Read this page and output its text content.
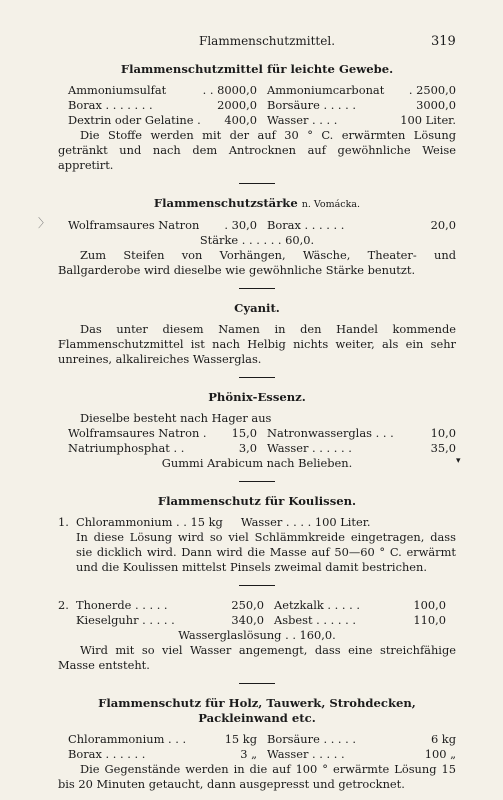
Flammenschutzmittel.	319
〉
▾
Flammenschutzmittel für leichte Gewebe.
Ammoniumsulfat	. . 8000,0 Ammoniumcarbonat . 2500,0
Borax . . . . . . .	2000,0 Borsäure . . . . .	3000,0
Dextrin oder Gelatine . 400,0 Wasser . . . .	100 Liter.

Die Stoffe werden mit der auf 30 ° C. erwärmten Lösung getränkt und nach dem Antrocknen auf gewöhnliche Weise appretirt.

Flammenschutzstärke n. Vomácka.
Wolframsaures Natron . 30,0 Borax . . . . . .	20,0
Stärke . . . . . . 60,0.

Zum Steifen von Vorhängen, Wäsche, Theater- und Ballgarderobe wird dieselbe wie gewöhnliche Stärke benutzt.

Cyanit.

Das unter diesem Namen in den Handel kommende Flammenschutzmittel ist nach Helbig nichts weiter, als ein sehr unreines, alkalireiches Wasserglas.

Phönix-Essenz.

Dieselbe besteht nach Hager aus

Wolframsaures Natron . 15,0 Natronwasserglas . . .	10,0
Natriumphosphat . .	3,0 Wasser . . . . . .	35,0
Gummi Arabicum nach Belieben.
Flammenschutz für Koulissen.
1. Chlorammonium . . 15 kg     Wasser . . . . 100 Liter.

In diese Lösung wird so viel Schlämmkreide eingetragen, dass sie dicklich wird. Dann wird die Masse auf 50—60 ° C. erwärmt und die Koulissen mittelst Pinsels zweimal damit bestrichen.

2. Thonerde . . . . .	250,0 Aetzkalk . . . . .	100,0
Kieselguhr . . . . .	340,0 Asbest . . . . . .	110,0
Wasserglaslösung . . 160,0.

Wird mit so viel Wasser angemengt, dass eine streichfähige Masse entsteht.

Flammenschutz für Holz, Tauwerk, Strohdecken, Packleinwand etc.
Chlorammonium . . .	15 kg Borsäure . . . . .	6 kg
Borax . . . . . .	3 „ Wasser . . . . .	100 „

Die Gegenstände werden in die auf 100 ° erwärmte Lösung 15 bis 20 Minuten getaucht, dann ausgepresst und getrocknet.
